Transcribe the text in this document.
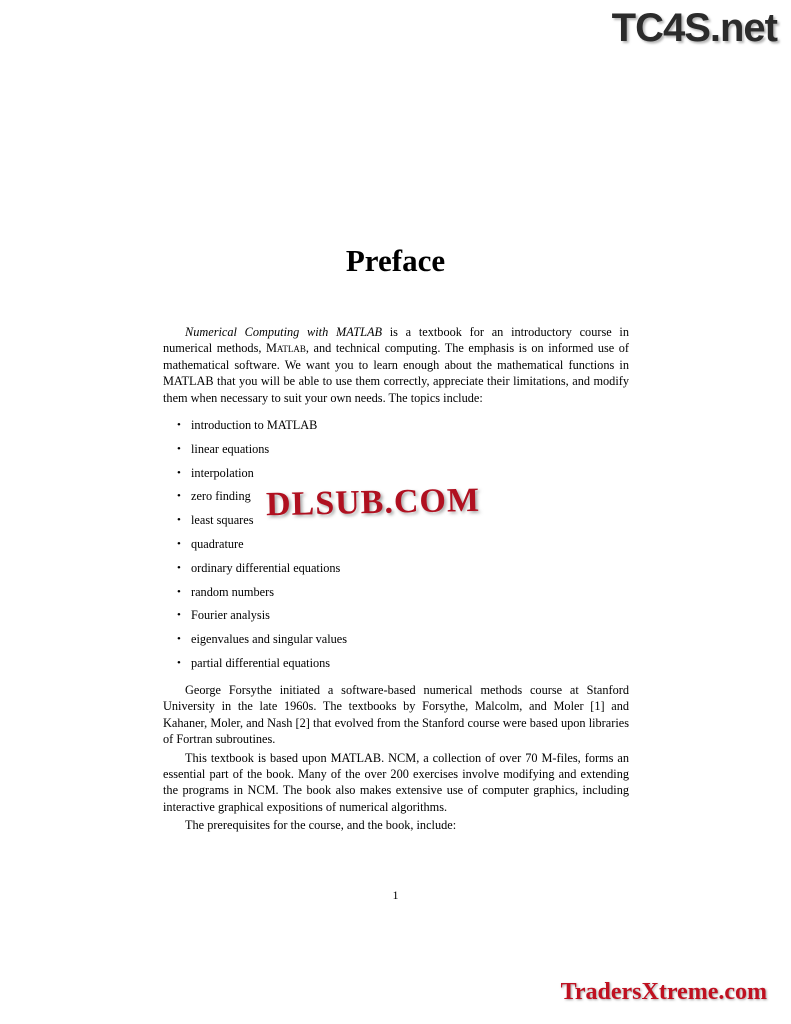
TC4S.net
Preface

Numerical Computing with MATLAB is a textbook for an introductory course in numerical methods, Matlab, and technical computing. The emphasis is on informed use of mathematical software. We want you to learn enough about the mathematical functions in MATLAB that you will be able to use them correctly, appreciate their limitations, and modify them when necessary to suit your own needs. The topics include:

• introduction to MATLAB
• linear equations
• interpolation
• zero finding
• least squares
• quadrature
• ordinary differential equations
• random numbers
• Fourier analysis
• eigenvalues and singular values
• partial differential equations

George Forsythe initiated a software-based numerical methods course at Stanford University in the late 1960s. The textbooks by Forsythe, Malcolm, and Moler [1] and Kahaner, Moler, and Nash [2] that evolved from the Stanford course were based upon libraries of Fortran subroutines.

This textbook is based upon MATLAB. NCM, a collection of over 70 M-files, forms an essential part of the book. Many of the over 200 exercises involve modifying and extending the programs in NCM. The book also makes extensive use of computer graphics, including interactive graphical expositions of numerical algorithms.

The prerequisites for the course, and the book, include:

1
DLSUB.COM
TradersXtreme.com
